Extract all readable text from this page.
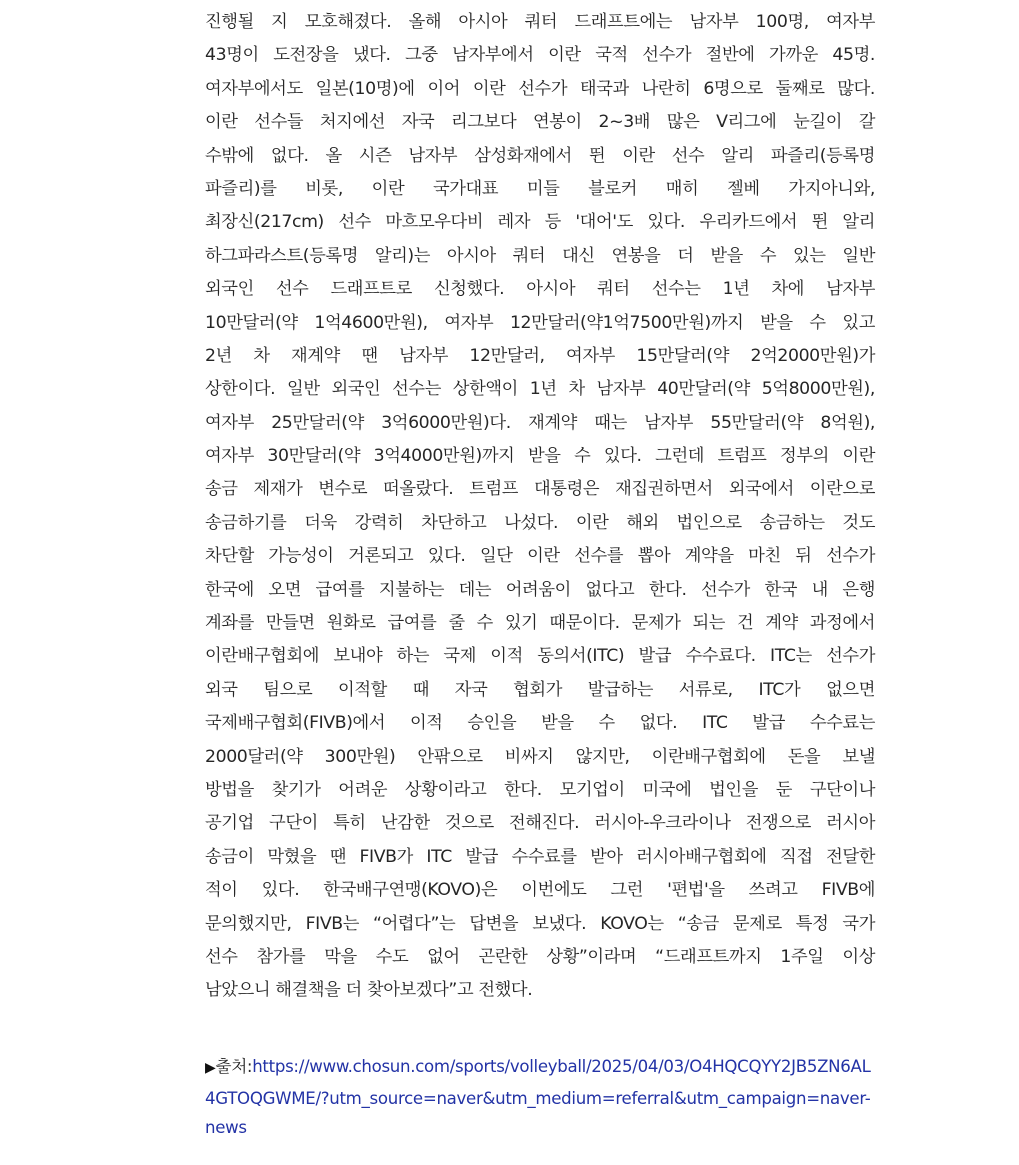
진행될 지 모호해졌다. 올해 아시아 쿼터 드래프트에는 남자부 100명, 여자부
43명이 도전장을 냈다. 그중 남자부에서 이란 국적 선수가 절반에 가까운 45명.
여자부에서도 일본(10명)에 이어 이란 선수가 태국과 나란히 6명으로 둘째로 많다.
이란 선수들 처지에선 자국 리그보다 연봉이 2~3배 많은 V리그에 눈길이 갈
수밖에 없다. 올 시즌 남자부 삼성화재에서 뛴 이란 선수 알리 파즐리(등록명
파즐리)를 비롯, 이란 국가대표 미들 블로커 매히 젤베 가지아니와,
최장신(217cm) 선수 마흐모우다비 레자 등 '대어'도 있다. 우리카드에서 뛴 알리
하그파라스트(등록명 알리)는 아시아 쿼터 대신 연봉을 더 받을 수 있는 일반
외국인 선수 드래프트로 신청했다. 아시아 쿼터 선수는 1년 차에 남자부
10만달러(약 1억4600만원), 여자부 12만달러(약1억7500만원)까지 받을 수 있고
2년 차 재계약 땐 남자부 12만달러, 여자부 15만달러(약 2억2000만원)가
상한이다. 일반 외국인 선수는 상한액이 1년 차 남자부 40만달러(약 5억8000만원),
여자부 25만달러(약 3억6000만원)다. 재계약 때는 남자부 55만달러(약 8억원),
여자부 30만달러(약 3억4000만원)까지 받을 수 있다. 그런데 트럼프 정부의 이란
송금 제재가 변수로 떠올랐다. 트럼프 대통령은 재집권하면서 외국에서 이란으로
송금하기를 더욱 강력히 차단하고 나섰다. 이란 해외 법인으로 송금하는 것도
차단할 가능성이 거론되고 있다. 일단 이란 선수를 뽑아 계약을 마친 뒤 선수가
한국에 오면 급여를 지불하는 데는 어려움이 없다고 한다. 선수가 한국 내 은행
계좌를 만들면 원화로 급여를 줄 수 있기 때문이다. 문제가 되는 건 계약 과정에서
이란배구협회에 보내야 하는 국제 이적 동의서(ITC) 발급 수수료다. ITC는 선수가
외국 팀으로 이적할 때 자국 협회가 발급하는 서류로, ITC가 없으면
국제배구협회(FIVB)에서 이적 승인을 받을 수 없다. ITC 발급 수수료는
2000달러(약 300만원) 안팎으로 비싸지 않지만, 이란배구협회에 돈을 보낼
방법을 찾기가 어려운 상황이라고 한다. 모기업이 미국에 법인을 둔 구단이나
공기업 구단이 특히 난감한 것으로 전해진다. 러시아-우크라이나 전쟁으로 러시아
송금이 막혔을 땐 FIVB가 ITC 발급 수수료를 받아 러시아배구협회에 직접 전달한
적이 있다. 한국배구연맹(KOVO)은 이번에도 그런 '편법'을 쓰려고 FIVB에
문의했지만, FIVB는 “어렵다”는 답변을 보냈다. KOVO는 “송금 문제로 특정 국가
선수 참가를 막을 수도 없어 곤란한 상황”이라며 “드래프트까지 1주일 이상
남았으니 해결책을 더 찾아보겠다”고 전했다.
▶출처:https://www.chosun.com/sports/volleyball/2025/04/03/O4HQCQYY2JB5ZN6AL
4GTOQGWME/?utm_source=naver&utm_medium=referral&utm_campaign=naver-
news
